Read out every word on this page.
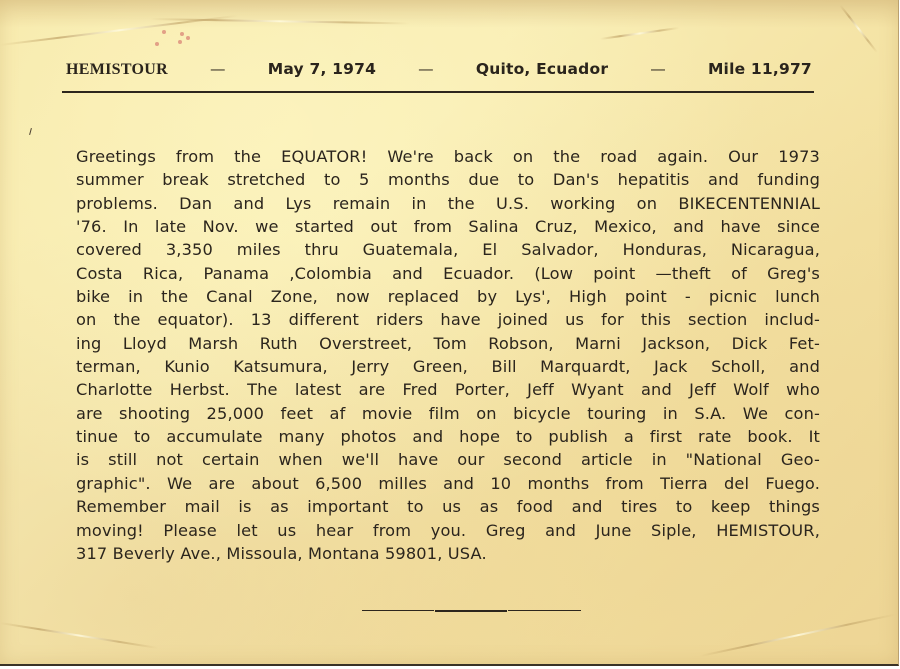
HEMISTOUR	—	May 7, 1974	—	Quito, Ecuador	—	Mile 11,977
Greetings from the EQUATOR! We're back on the road again. Our 1973
summer break stretched to 5 months due to Dan's hepatitis and funding
problems. Dan and Lys remain in the U.S. working on BIKECENTENNIAL
'76. In late Nov. we started out from Salina Cruz, Mexico, and have since
covered 3,350 miles thru Guatemala, El Salvador, Honduras, Nicaragua,
Costa Rica, Panama ,Colombia and Ecuador. (Low point —theft of Greg's
bike in the Canal Zone, now replaced by Lys', High point - picnic lunch
on the equator). 13 different riders have joined us for this section includ-
ing Lloyd Marsh Ruth Overstreet, Tom Robson, Marni Jackson, Dick Fet-
terman, Kunio Katsumura, Jerry Green, Bill Marquardt, Jack Scholl, and
Charlotte Herbst. The latest are Fred Porter, Jeff Wyant and Jeff Wolf who
are shooting 25,000 feet af movie film on bicycle touring in S.A. We con-
tinue to accumulate many photos and hope to publish a first rate book. It
is still not certain when we'll have our second article in "National Geo-
graphic". We are about 6,500 milles and 10 months from Tierra del Fuego.
Remember mail is as important to us as food and tires to keep things
moving! Please let us hear from you. Greg and June Siple, HEMISTOUR,
317 Beverly Ave., Missoula, Montana 59801, USA.
